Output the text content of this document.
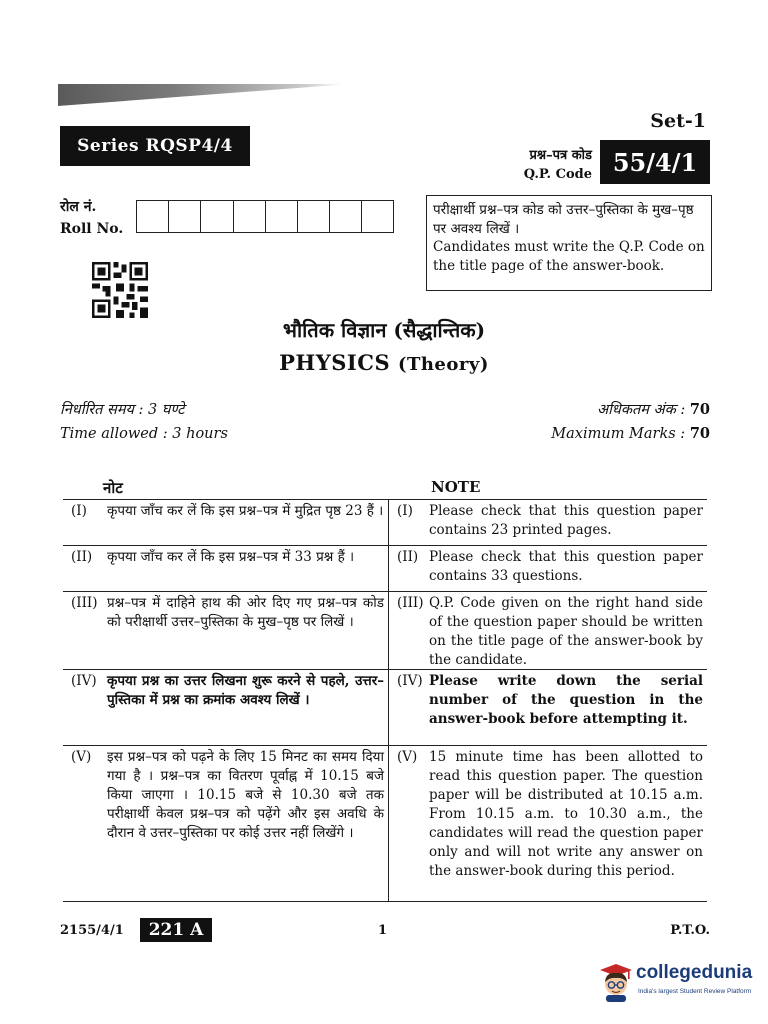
Series RQSP4/4
Set-1
प्रश्न–पत्र कोड
Q.P. Code 55/4/1
रोल नं.
Roll No.
परीक्षार्थी प्रश्न–पत्र कोड को उत्तर–पुस्तिका के मुख–पृष्ठ पर अवश्य लिखें ।
Candidates must write the Q.P. Code on the title page of the answer-book.
भौतिक विज्ञान (सैद्धान्तिक)
PHYSICS (Theory)
निर्धारित समय : 3 घण्टे
Time allowed : 3 hours
अधिकतम अंक : 70
Maximum Marks : 70
नोट	NOTE
(I)	कृपया जाँच कर लें कि इस प्रश्न–पत्र में मुद्रित पृष्ठ 23 हैं । (I)	Please check that this question paper contains 23 printed pages.
(II)	कृपया जाँच कर लें कि इस प्रश्न–पत्र में 33 प्रश्न हैं ।	(II) Please check that this question paper contains 33 questions.
(III) प्रश्न–पत्र में दाहिने हाथ की ओर दिए गए प्रश्न–पत्र कोड को परीक्षार्थी उत्तर–पुस्तिका के मुख–पृष्ठ पर लिखें ।
(III) Q.P. Code given on the right hand side of the question paper should be written on the title page of the answer-book by the candidate.
(IV) कृपया प्रश्न का उत्तर लिखना शुरू करने से पहले, उत्तर–पुस्तिका में प्रश्न का क्रमांक अवश्य लिखें ।
(IV) Please write down the serial number of the question in the answer-book before attempting it.
(V)	इस प्रश्न–पत्र को पढ़ने के लिए 15 मिनट का समय दिया गया है । प्रश्न–पत्र का वितरण पूर्वाह्न में 10.15 बजे किया जाएगा । 10.15 बजे से 10.30 बजे तक परीक्षार्थी केवल प्रश्न–पत्र को पढ़ेंगे और इस अवधि के दौरान वे उत्तर–पुस्तिका पर कोई उत्तर नहीं लिखेंगे ।
(V) 15 minute time has been allotted to read this question paper. The question paper will be distributed at 10.15 a.m. From 10.15 a.m. to 10.30 a.m., the candidates will read the question paper only and will not write any answer on the answer-book during this period.
2155/4/1	221 A	1	P.T.O.
collegedunia
India's largest Student Review Platform
